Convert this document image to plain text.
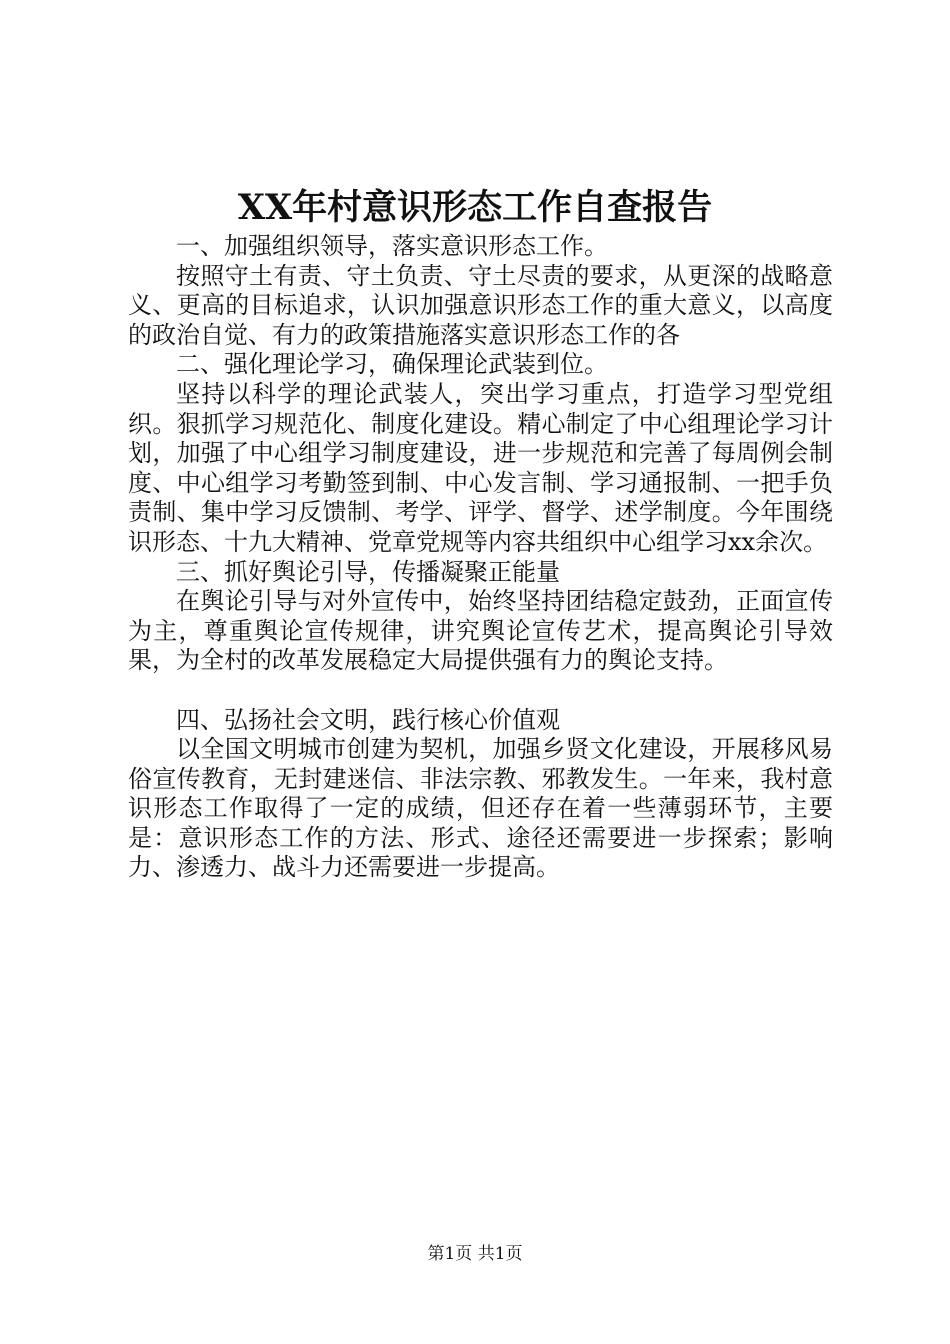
XX年村意识形态工作自查报告

一、加强组织领导，落实意识形态工作。

按照守土有责、守土负责、守土尽责的要求，从更深的战略意义、更高的目标追求，认识加强意识形态工作的重大意义，以高度的政治自觉、有力的政策措施落实意识形态工作的各

二、强化理论学习，确保理论武装到位。

坚持以科学的理论武装人，突出学习重点，打造学习型党组织。狠抓学习规范化、制度化建设。精心制定了中心组理论学习计划，加强了中心组学习制度建设，进一步规范和完善了每周例会制度、中心组学习考勤签到制、中心发言制、学习通报制、一把手负责制、集中学习反馈制、考学、评学、督学、述学制度。今年围绕识形态、十九大精神、党章党规等内容共组织中心组学习xx余次。

三、抓好舆论引导，传播凝聚正能量

在舆论引导与对外宣传中，始终坚持团结稳定鼓劲，正面宣传为主，尊重舆论宣传规律，讲究舆论宣传艺术，提高舆论引导效果，为全村的改革发展稳定大局提供强有力的舆论支持。

四、弘扬社会文明，践行核心价值观

以全国文明城市创建为契机，加强乡贤文化建设，开展移风易俗宣传教育，无封建迷信、非法宗教、邪教发生。一年来，我村意识形态工作取得了一定的成绩，但还存在着一些薄弱环节，主要是：意识形态工作的方法、形式、途径还需要进一步探索；影响力、渗透力、战斗力还需要进一步提高。

第1页 共1页
